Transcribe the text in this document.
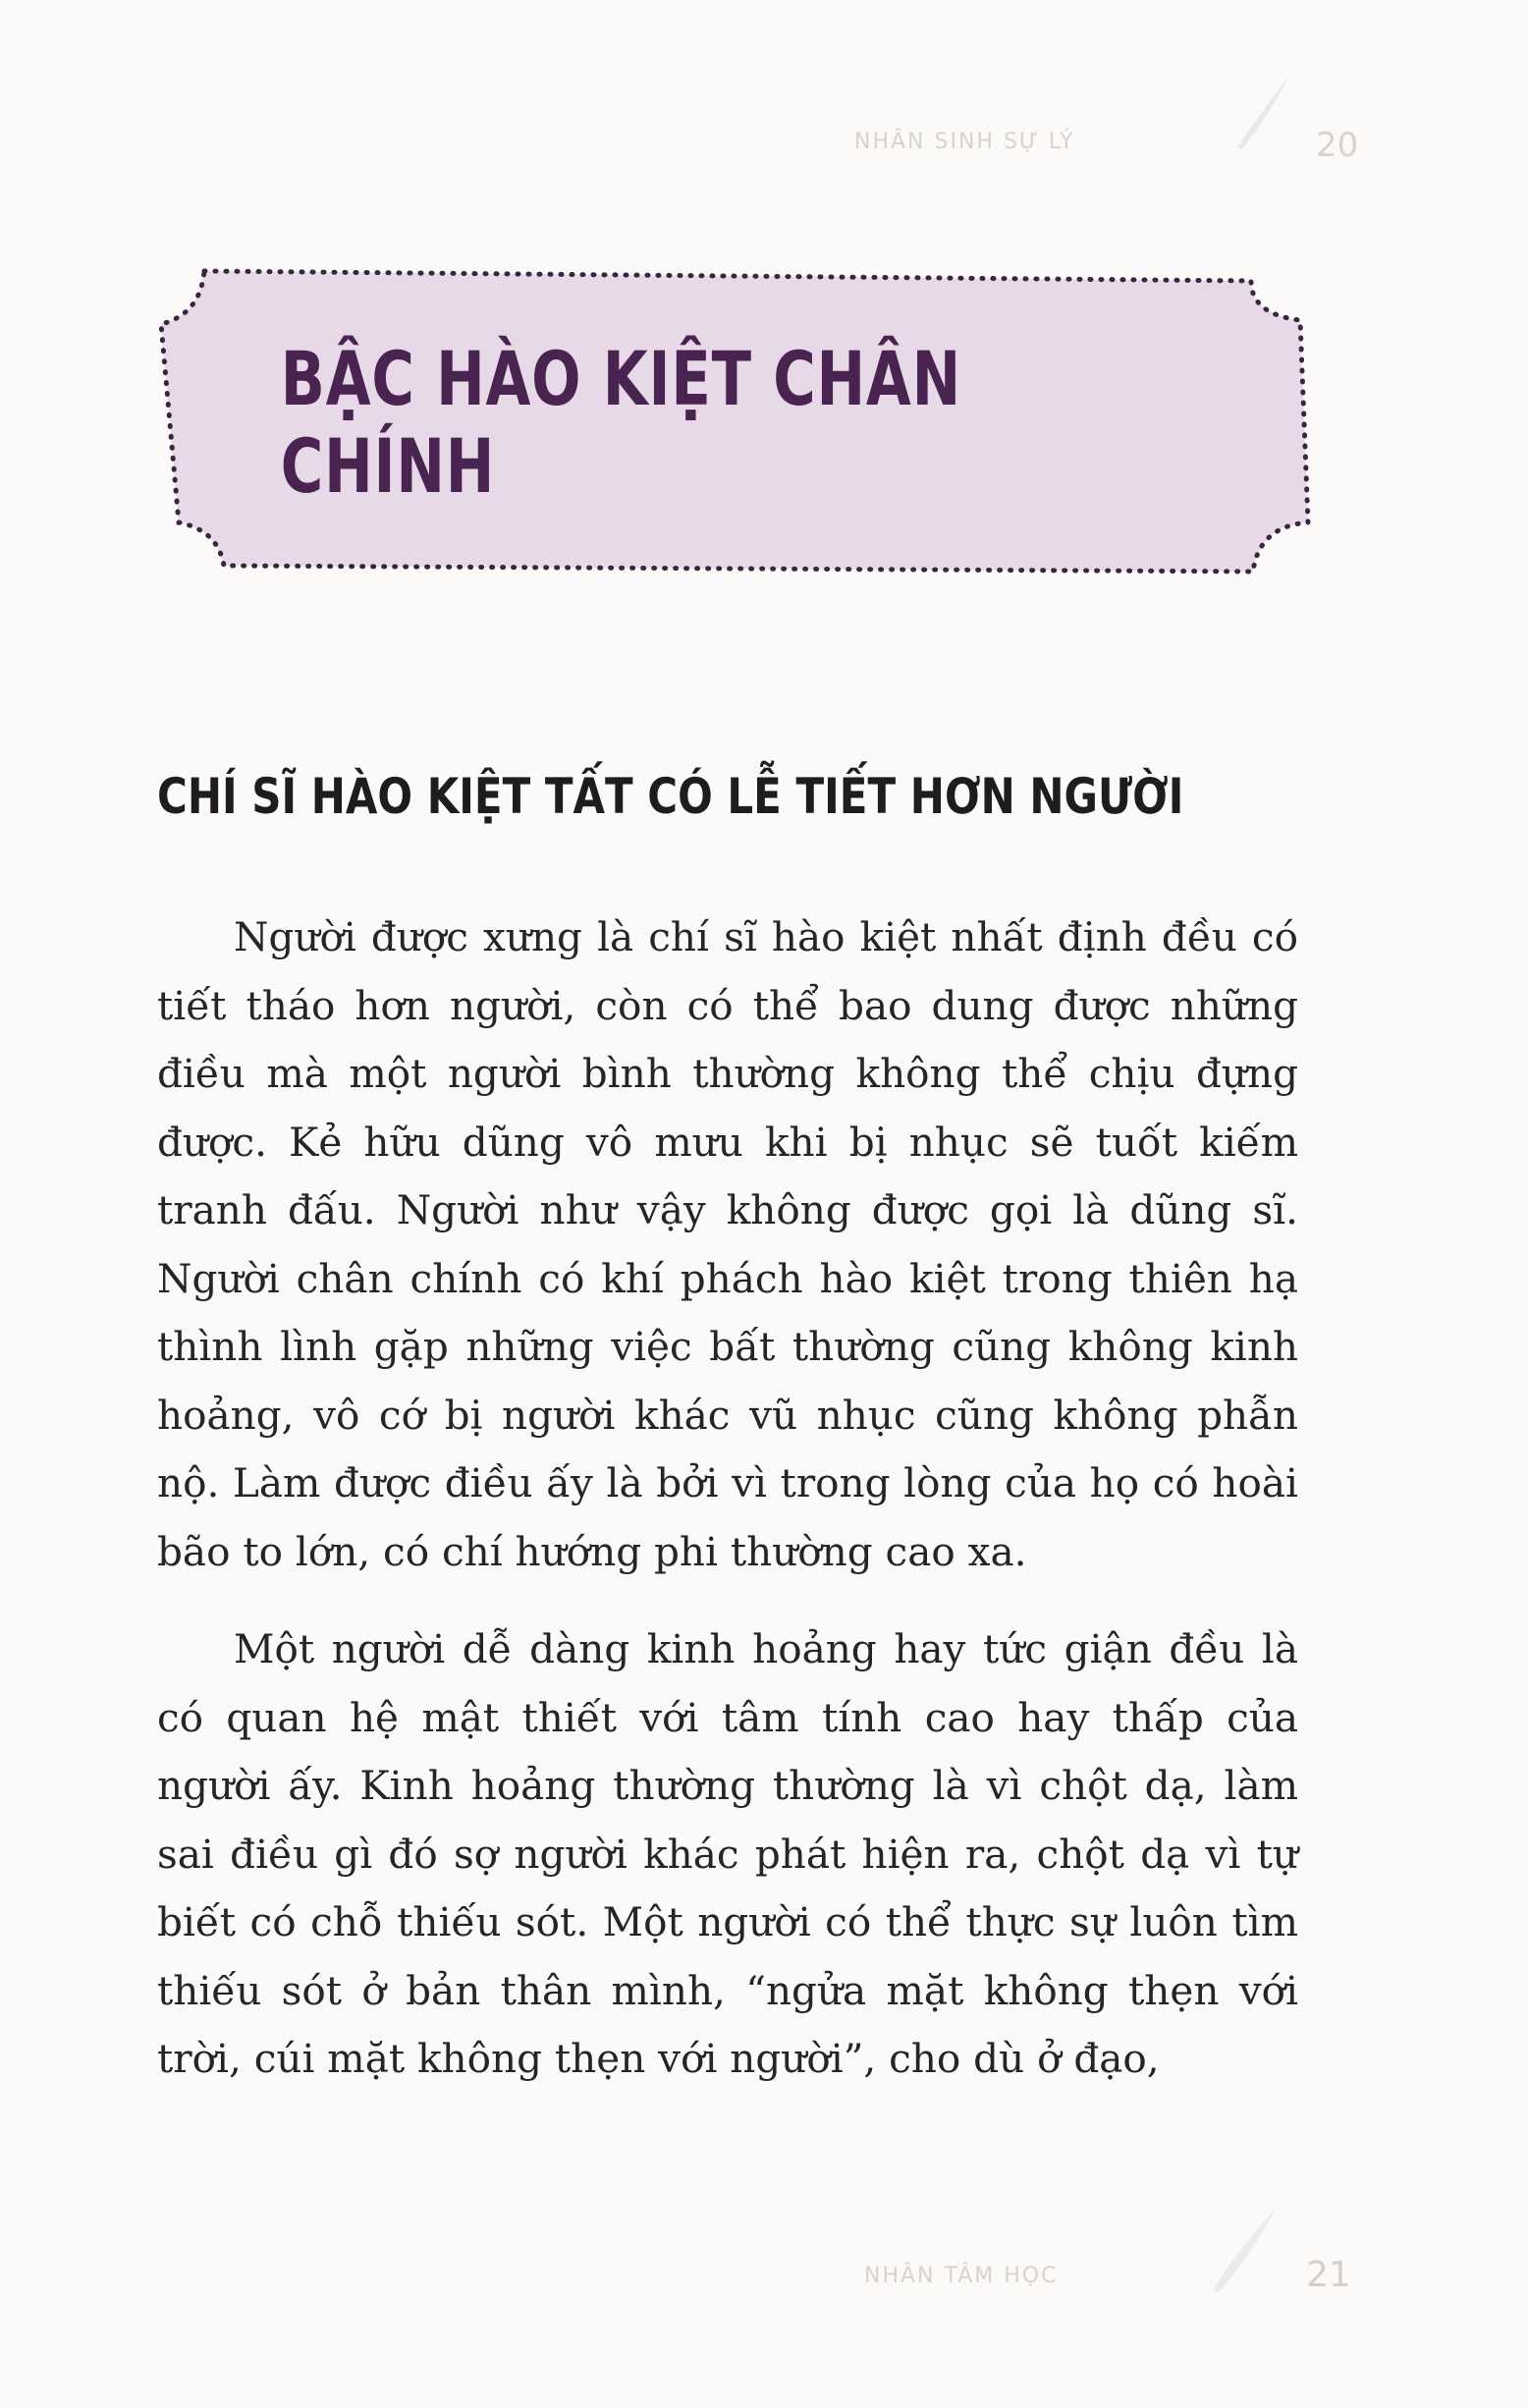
NHÂN SINH SỰ LÝ	20
NHÂN TÂM HỌC	21
BẬC HÀO KIỆT CHÂN CHÍNH
CHÍ SĨ HÀO KIỆT TẤT CÓ LỄ TIẾT HƠN NGƯỜI

Người được xưng là chí sĩ hào kiệt nhất định đều có tiết tháo hơn người, còn có thể bao dung được những điều mà một người bình thường không thể chịu đựng được. Kẻ hữu dũng vô mưu khi bị nhục sẽ tuốt kiếm tranh đấu. Người như vậy không được gọi là dũng sĩ. Người chân chính có khí phách hào kiệt trong thiên hạ thình lình gặp những việc bất thường cũng không kinh hoảng, vô cớ bị người khác vũ nhục cũng không phẫn nộ. Làm được điều ấy là bởi vì trong lòng của họ có hoài bão to lớn, có chí hướng phi thường cao xa.

Một người dễ dàng kinh hoảng hay tức giận đều là có quan hệ mật thiết với tâm tính cao hay thấp của người ấy. Kinh hoảng thường thường là vì chột dạ, làm sai điều gì đó sợ người khác phát hiện ra, chột dạ vì tự biết có chỗ thiếu sót. Một người có thể thực sự luôn tìm thiếu sót ở bản thân mình, “ngửa mặt không thẹn với trời, cúi mặt không thẹn với người”, cho dù ở đạo,
